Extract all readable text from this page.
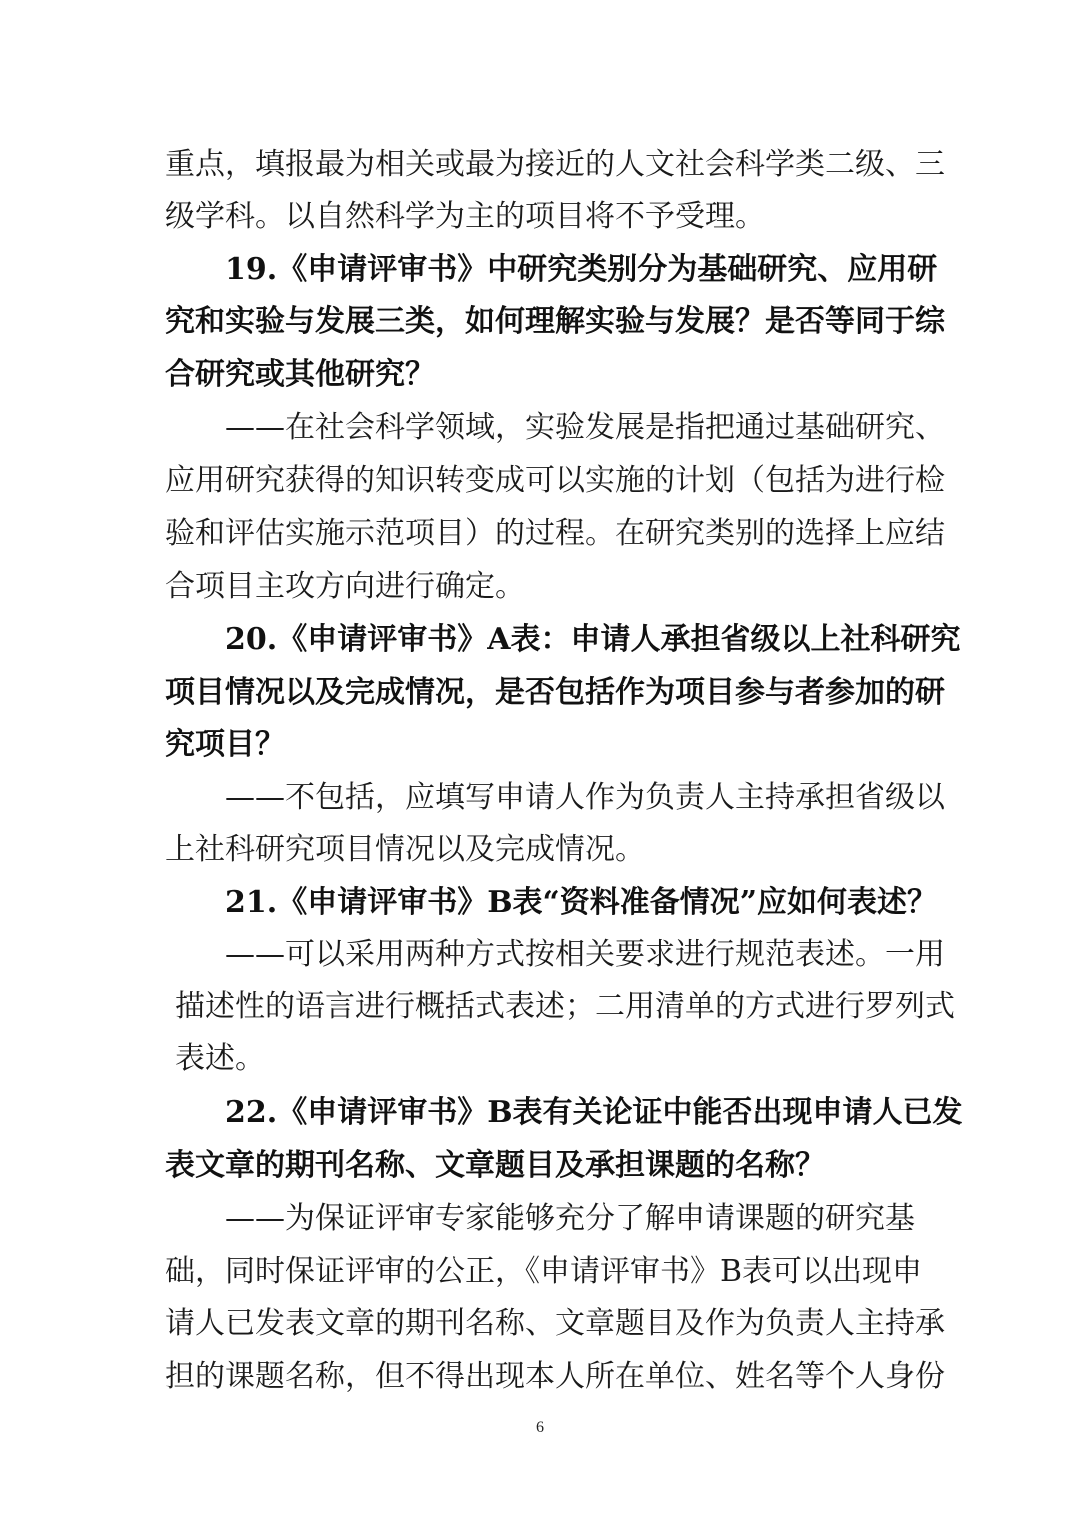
重点，填报最为相关或最为接近的人文社会科学类二级、三
级学科。以自然科学为主的项目将不予受理。
19.《申请评审书》中研究类别分为基础研究、应用研
究和实验与发展三类，如何理解实验与发展？是否等同于综
合研究或其他研究？
——在社会科学领域，实验发展是指把通过基础研究、
应用研究获得的知识转变成可以实施的计划（包括为进行检
验和评估实施示范项目）的过程。在研究类别的选择上应结
合项目主攻方向进行确定。
20.《申请评审书》A表：申请人承担省级以上社科研究
项目情况以及完成情况，是否包括作为项目参与者参加的研
究项目？
——不包括，应填写申请人作为负责人主持承担省级以
上社科研究项目情况以及完成情况。
21.《申请评审书》B表“资料准备情况”应如何表述？
——可以采用两种方式按相关要求进行规范表述。一用
描述性的语言进行概括式表述；二用清单的方式进行罗列式
表述。
22.《申请评审书》B表有关论证中能否出现申请人已发
表文章的期刊名称、文章题目及承担课题的名称？
——为保证评审专家能够充分了解申请课题的研究基
础，同时保证评审的公正，《申请评审书》B表可以出现申
请人已发表文章的期刊名称、文章题目及作为负责人主持承
担的课题名称，但不得出现本人所在单位、姓名等个人身份
6
